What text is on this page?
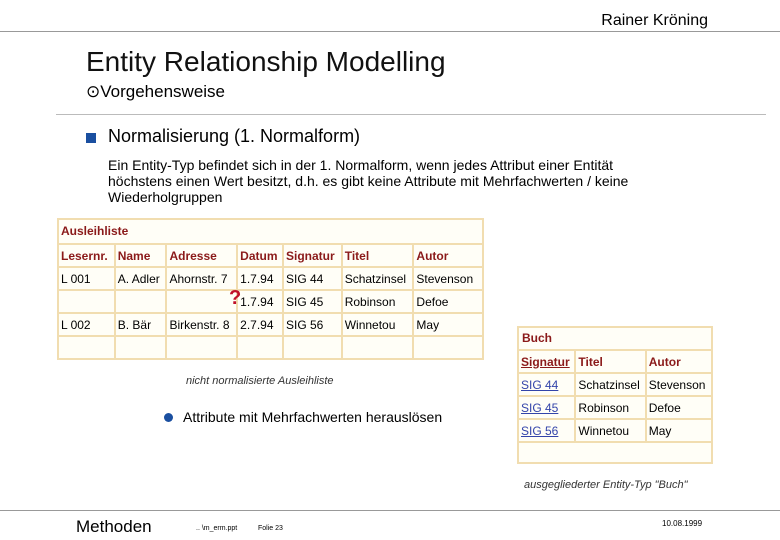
Rainer Kröning
Entity Relationship Modelling
⊙Vorgehensweise
Normalisierung (1. Normalform)
Ein Entity-Typ befindet sich in der 1. Normalform, wenn jedes Attribut einer Entität höchstens einen Wert besitzt, d.h. es gibt keine Attribute mit Mehrfachwerten / keine Wiederholgruppen
Ausleihliste
Lesernr.	Name	Adresse	Datum	Signatur	Titel	Autor
L 001	A. Adler	Ahornstr. 7	1.7.94	SIG 44	Schatzinsel	Stevenson
			1.7.94	SIG 45	Robinson	Defoe
L 002	B. Bär	Birkenstr. 8	2.7.94	SIG 56	Winnetou	May

?
nicht normalisierte Ausleihliste
Attribute mit Mehrfachwerten herauslösen
Buch
Signatur	Titel	Autor
SIG 44	Schatzinsel	Stevenson
SIG 45	Robinson	Defoe
SIG 56	Winnetou	May
ausgegliederter Entity-Typ "Buch"
Methoden	.. \m_erm.ppt	Folie 23
10.08.1999
